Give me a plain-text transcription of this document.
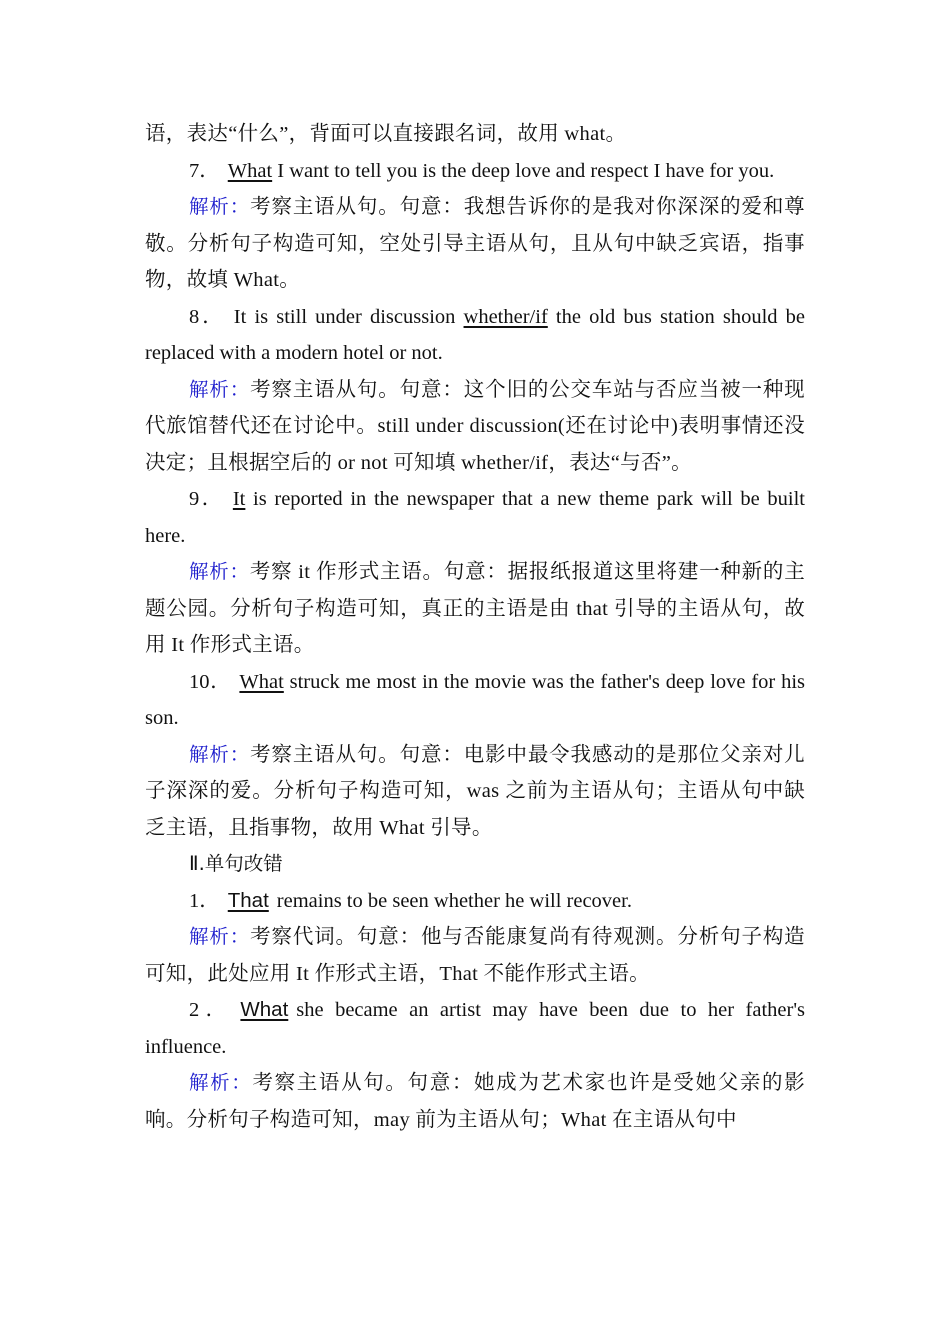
语，表达“什么”，背面可以直接跟名词，故用 what。

7． What I want to tell you is the deep love and respect I have for you.

解析：考察主语从句。句意：我想告诉你的是我对你深深的爱和尊敬。分析句子构造可知，空处引导主语从句，且从句中缺乏宾语，指事物，故填 What。

8． It is still under discussion whether/if the old bus station should be replaced with a modern hotel or not.

解析：考察主语从句。句意：这个旧的公交车站与否应当被一种现代旅馆替代还在讨论中。still under discussion(还在讨论中)表明事情还没决定；且根据空后的 or not 可知填 whether/if，表达“与否”。

9． It is reported in the newspaper that a new theme park will be built here.

解析：考察 it 作形式主语。句意：据报纸报道这里将建一种新的主题公园。分析句子构造可知，真正的主语是由 that 引导的主语从句，故用 It 作形式主语。

10． What struck me most in the movie was the father's deep love for his son.

解析：考察主语从句。句意：电影中最令我感动的是那位父亲对儿子深深的爱。分析句子构造可知，was 之前为主语从句；主语从句中缺乏主语，且指事物，故用 What 引导。

Ⅱ.单句改错

1． That remains to be seen whether he will recover.

解析：考察代词。句意：他与否能康复尚有待观测。分析句子构造可知，此处应用 It 作形式主语，That 不能作形式主语。

2． What she became an artist may have been due to her father's influence.

解析：考察主语从句。句意：她成为艺术家也许是受她父亲的影响。分析句子构造可知，may 前为主语从句；What 在主语从句中
